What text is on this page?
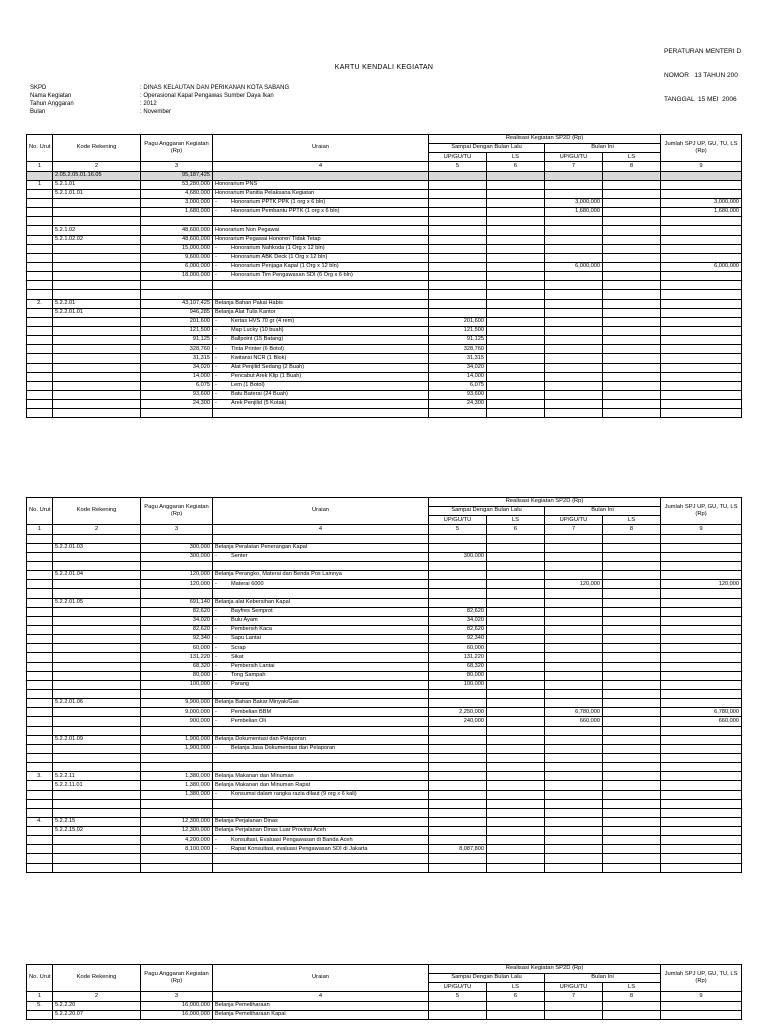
PERATURAN MENTERI D

NOMOR   13 TAHUN 200

TANGGAL  15 MEI  2006

KARTU KENDALI KEGIATAN
SKPD	: DINAS KELAUTAN DAN PERIKANAN KOTA SABANG
Nama Kegiatan	: Operasional Kapal Pengawas Sumber Daya Ikan
Tahun Anggaran	: 2012
Bulan	: November
No. Urut	Kode Rekening	Pagu Anggaran Kegiatan (Rp)	Uraian	Realisasi Kegiatan SP2D (Rp)				Jumlah SPJ UP, GU, TU, LS (Rp)
				Sampai Dengan Bulan Lalu		Bulan Ini		
				UP/GU/TU	LS	UP/GU/TU	LS	
1	2	3	4	5	6	7	8	9
	2.05.2.05.01.16.05	95,187,425						
1	5.2.1.01	53,280,000	Honorarium PNS					
	5.2.1.01.01	4,680,000	Honorarium Panitia Pelaksana Kegiatan					
		3,000,000	- Honorarium PPTK PPK (1 org x 6 bln)			3,000,000		3,000,000
		1,680,000	- Honorarium Pembantu PPTK (1 org x 6 bln)			1,680,000		1,680,000

	5.2.1.02	48,600,000	Honorarium Non Pegawai					
	5.2.1.02.02	48,600,000	Honorarium Pegawai Honorer/ Tidak Tetap					
		15,000,000	- Honorarium Nahkoda (1 Org x 12 bln)					
		9,600,000	- Honorarium ABK Deck (1 Org x 12 bln)					
		6,000,000	- Honorarium Penjaga Kapal (1 Org x 12 bln)			6,000,000		6,000,000
		18,000,000	- Honorarium Tim Pengawasan SDI (6 Org x 6 bln)					

2.	5.2.2.01	43,107,425	Belanja Bahan Pakai Habis					
	5.2.2.01.01	946,285	Belanja Alat Tulis Kantor					
		201,600	- Kertas HVS 70 gr (4 rem)	201,600				
		121,500	- Map Lucky (10 buah)	121,500				
		91,125	- Ballpoint (15 Batang)	91,125				
		328,760	- Tinta Printer (6 Botol)	328,760				
		31,315	- Kwitansi NCR (1 Blok)	31,315				
		34,020	- Alat Penjilid Sedang (2 Buah)	34,020				
		14,000	- Pencabut Arek Klip (1 Buah)	14,000				
		6,075	- Lem (1 Botol)	6,075				
		93,600	- Batu Baterai (24 Buah)	93,600				
		24,300	- Arek Penjilid (5 Kotak)	24,300				

No. Urut	Kode Rekening	Pagu Anggaran Kegiatan (Rp)	Uraian	Realisasi Kegiatan SP2D (Rp)				Jumlah SPJ UP, GU, TU, LS (Rp)
				Sampai Dengan Bulan Lalu		Bulan Ini		
				UP/GU/TU	LS	UP/GU/TU	LS	
1	2	3	4	5	6	7	8	9

	5.2.2.01.03	300,000	Belanja Peralatan Penerangan Kapal					
		300,000	- Senter	300,000				

	5.2.2.01.04	120,000	Belanja Perangko, Materai dan Benda Pos Lainnya					
		120,000	- Materai 6000			120,000		120,000

	5.2.2.01.05	691,140	Belanja alat Kebersihan Kapal					
		82,620	- Bayfres Semprot	82,620				
		34,020	- Bulu Ayam	34,020				
		82,620	- Pembersih Kaca	82,620				
		92,340	- Sapu Lantai	92,340				
		60,000	- Scrap	60,000				
		131,220	- Sikat	131,220				
		68,320	- Pembersih Lantai	68,320				
		80,000	- Tong Sampah	80,000				
		100,000	- Parang	100,000				

	5.2.2.01.06	9,900,000	Belanja Bahan Bakar Minyak/Gas					
		9,000,000	- Pembelian BBM	2,250,000		6,780,000		6,780,000
		900,000	- Pembelian Oli	240,000		660,000		660,000

	5.2.2.01.09	1,900,000	Belanja Dokumentasi dan Pelaporan					
		1,900,000	- Belanja Jasa Dokumentasi dan Pelaporan					

3.	5.2.2.11	1,380,000	Belanja Makanan dan Minuman					
	5.2.2.11.01	1,380,000	Belanja Makanan dan Minuman Rapat					
		1,380,000	- Konsumsi dalam rangka razia dilaut (9 org x 6 kali)					

4.	5.2.2.15	12,300,000	Belanja Perjalanan Dinas					
	5.2.2.15.02	12,300,000	Belanja Perjalanan Dinas Luar Provinsi Aceh					
		4,200,000	- Konsultasi, Evaluasi Pengawasan di Banda Aceh					
		8,100,000	- Rapat Konsultasi, evaluasi Pengawasan SDI di Jakarta	8,087,800				

No. Urut	Kode Rekening	Pagu Anggaran Kegiatan (Rp)	Uraian	Realisasi Kegiatan SP2D (Rp)				Jumlah SPJ UP, GU, TU, LS (Rp)
				Sampai Dengan Bulan Lalu		Bulan Ini		
				UP/GU/TU	LS	UP/GU/TU	LS	
1	2	3	4	5	6	7	8	9
5.	5.2.2.20	16,000,000	Belanja Pemeliharaan					
	5.2.2.20.07	16,000,000	Belanja Pemeliharaan Kapal					
